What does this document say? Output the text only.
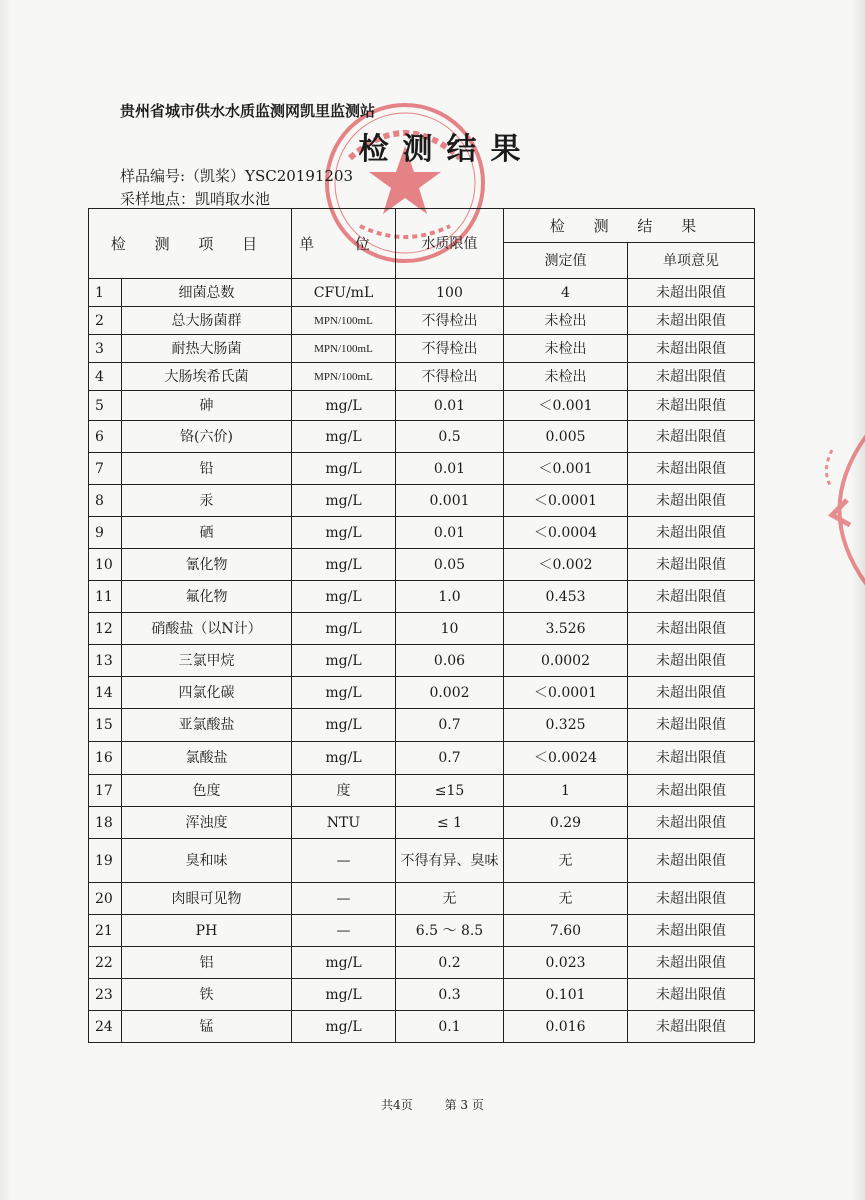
贵州省城市供水水质监测网凯里监测站
检测结果
样品编号:（凯桨）YSC20191203
采样地点：凯哨取水池
检 测 项 目		单 位	水质限值	检 测 结 果	
				测定值	单项意见
1	细菌总数	CFU/mL	100	4	未超出限值
2	总大肠菌群	MPN/100mL	不得检出	未检出	未超出限值
3	耐热大肠菌	MPN/100mL	不得检出	未检出	未超出限值
4	大肠埃希氏菌	MPN/100mL	不得检出	未检出	未超出限值
5	砷	mg/L	0.01	＜0.001	未超出限值
6	铬(六价)	mg/L	0.5	0.005	未超出限值
7	铅	mg/L	0.01	＜0.001	未超出限值
8	汞	mg/L	0.001	＜0.0001	未超出限值
9	硒	mg/L	0.01	＜0.0004	未超出限值
10	氰化物	mg/L	0.05	＜0.002	未超出限值
11	氟化物	mg/L	1.0	0.453	未超出限值
12	硝酸盐（以N计）	mg/L	10	3.526	未超出限值
13	三氯甲烷	mg/L	0.06	0.0002	未超出限值
14	四氯化碳	mg/L	0.002	＜0.0001	未超出限值
15	亚氯酸盐	mg/L	0.7	0.325	未超出限值
16	氯酸盐	mg/L	0.7	＜0.0024	未超出限值
17	色度	度	≤15	1	未超出限值
18	浑浊度	NTU	≤ 1	0.29	未超出限值
19	臭和味	—	不得有异、臭味	无	未超出限值
20	肉眼可见物	—	无	无	未超出限值
21	PH	—	6.5 ～ 8.5	7.60	未超出限值
22	铝	mg/L	0.2	0.023	未超出限值
23	铁	mg/L	0.3	0.101	未超出限值
24	锰	mg/L	0.1	0.016	未超出限值
共4页	第 3 页
